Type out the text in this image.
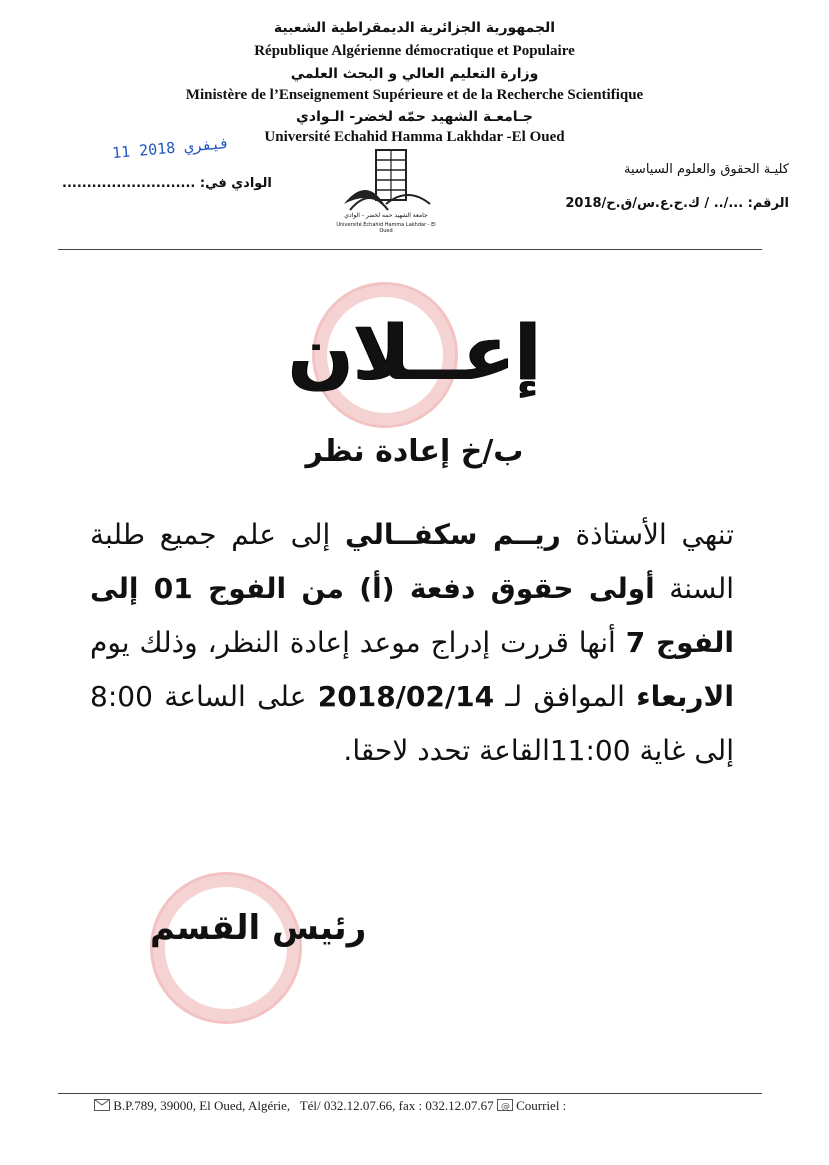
الجمهورية الجزائرية الديمقراطية الشعبية
République Algérienne démocratique et Populaire
وزارة التعليم العالي و البحث العلمي
Ministère de l’Enseignement Supérieure et de la Recherche Scientifique
جـامعـة الشهيد حمّه لخضر- الـوادي
Université Echahid Hamma Lakhdar -El Oued
11 فيفري 2018
كليـة الحقوق والعلوم السياسية
الرقم: .../.. / ك.ح.ع.س/ق.ح/2018
الوادي في: ...........................
جامعة الشهيد حمه لخضر - الوادي
Université Echahid Hamma Lakhdar - El Oued
إعــلان
ب/خ إعادة نظر
تنهي الأستاذة ريــم سكفــالي إلى علم جميع طلبة السنة أولى حقوق دفعة (أ) من الفوج 01 إلى الفوج 7 أنها قررت إدراج موعد إعادة النظر، وذلك يوم الاربعاء الموافق لـ 2018/02/14 على الساعة 8:00 إلى غاية 11:00القاعة تحدد لاحقا.
رئيس القسم
B.P.789, 39000, El Oued, Algérie, Tél/ 032.12.07.66, fax : 032.12.07.67 @ Courriel :
